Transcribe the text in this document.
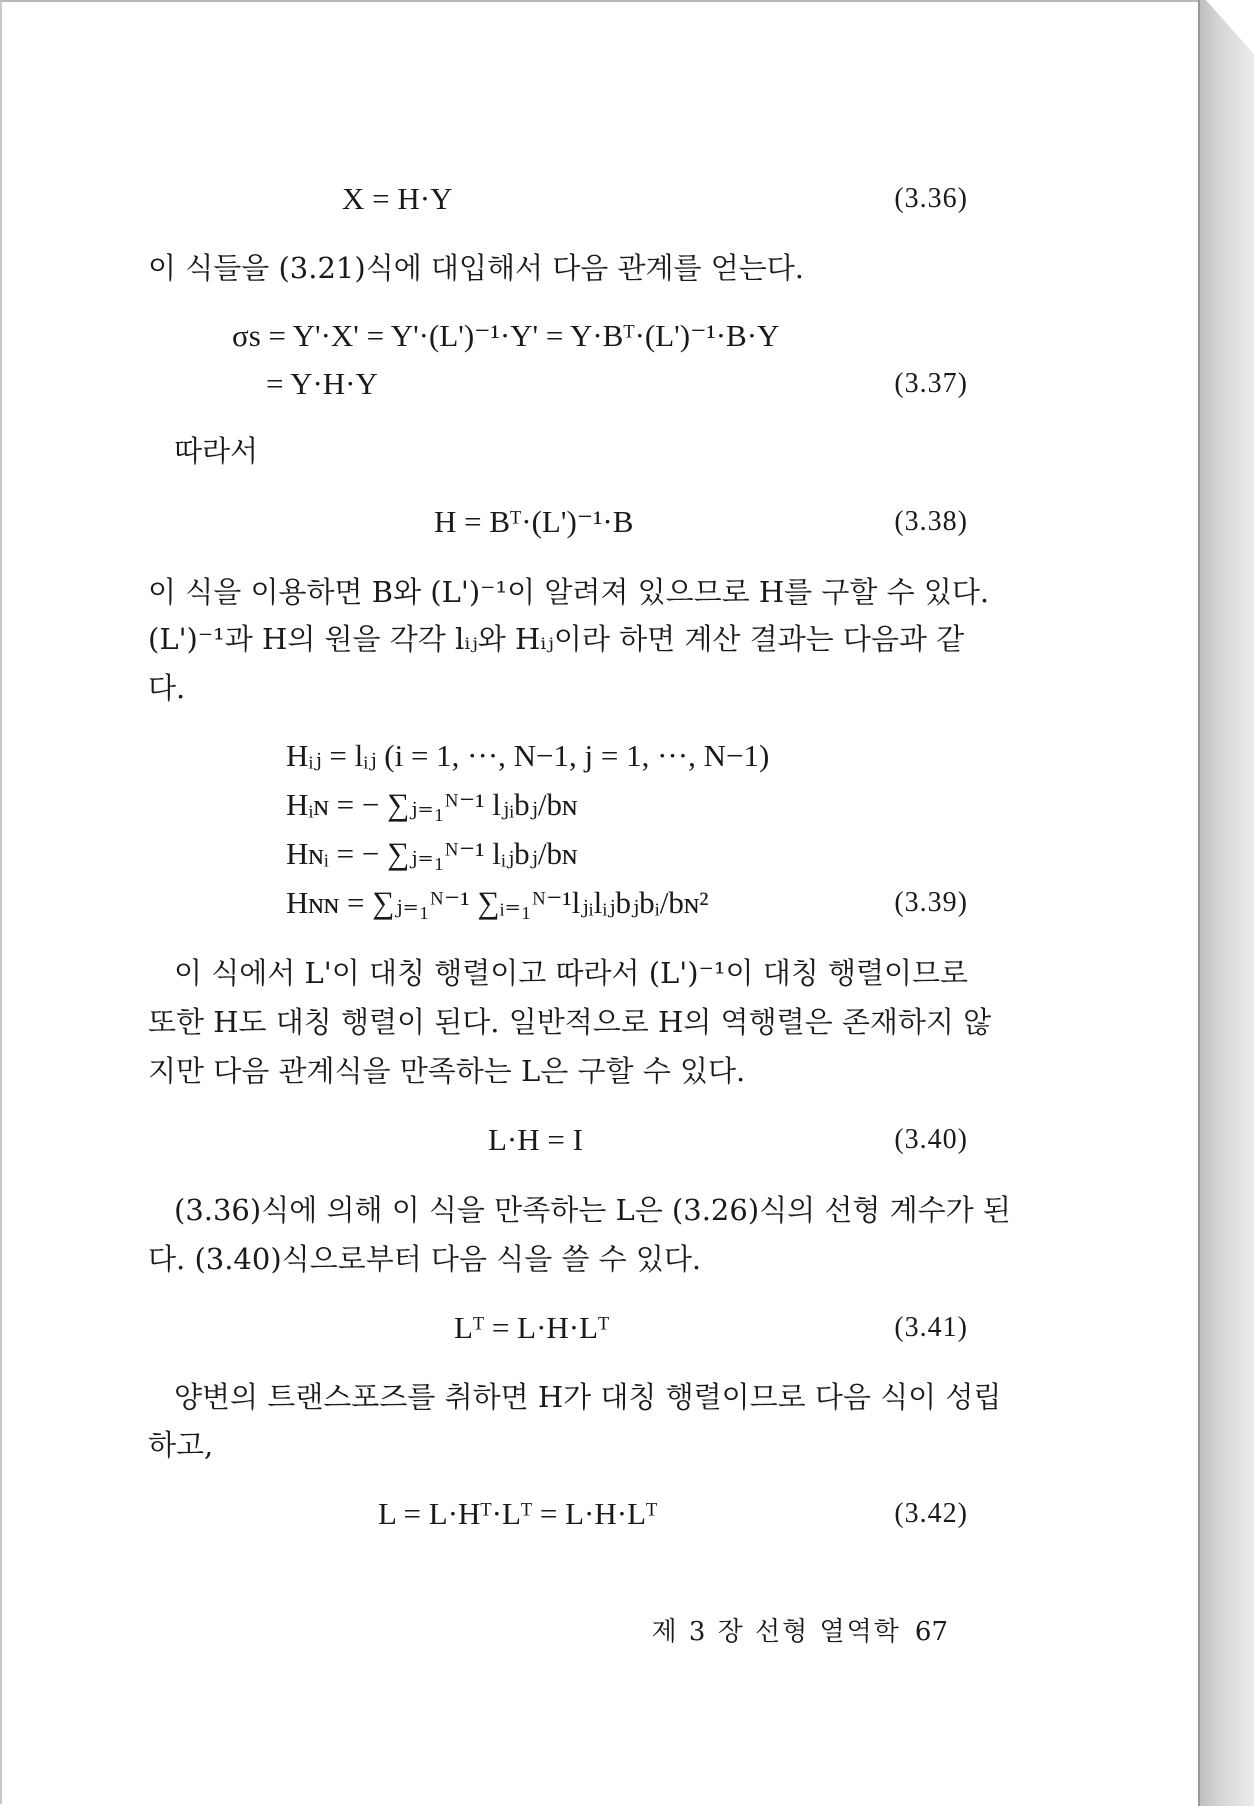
X = H·Y	(3.36)
이 식들을 (3.21)식에 대입해서 다음 관계를 얻는다.
σs = Y'·X' = Y'·(L')⁻¹·Y' = Y·Bᵀ·(L')⁻¹·B·Y
= Y·H·Y	(3.37)
따라서
H = Bᵀ·(L')⁻¹·B	(3.38)
이 식을 이용하면 B와 (L')⁻¹이 알려져 있으므로 H를 구할 수 있다.
(L')⁻¹과 H의 원을 각각 lᵢⱼ와 Hᵢⱼ이라 하면 계산 결과는 다음과 같
다.
Hᵢⱼ = lᵢⱼ (i = 1, ···, N−1, j = 1, ···, N−1)
Hᵢɴ = − ∑ⱼ₌₁ᴺ⁻¹ lⱼᵢbⱼ/bɴ
Hɴᵢ = − ∑ⱼ₌₁ᴺ⁻¹ lᵢⱼbⱼ/bɴ
Hɴɴ = ∑ⱼ₌₁ᴺ⁻¹ ∑ᵢ₌₁ᴺ⁻¹lⱼᵢlᵢⱼbⱼbᵢ/bɴ²	(3.39)
이 식에서 L'이 대칭 행렬이고 따라서 (L')⁻¹이 대칭 행렬이므로
또한 H도 대칭 행렬이 된다. 일반적으로 H의 역행렬은 존재하지 않
지만 다음 관계식을 만족하는 L은 구할 수 있다.
L·H = I	(3.40)
(3.36)식에 의해 이 식을 만족하는 L은 (3.26)식의 선형 계수가 된
다. (3.40)식으로부터 다음 식을 쓸 수 있다.
Lᵀ = L·H·Lᵀ	(3.41)
양변의 트랜스포즈를 취하면 H가 대칭 행렬이므로 다음 식이 성립
하고,
L = L·Hᵀ·Lᵀ = L·H·Lᵀ	(3.42)
제 3 장 선형 열역학 67
